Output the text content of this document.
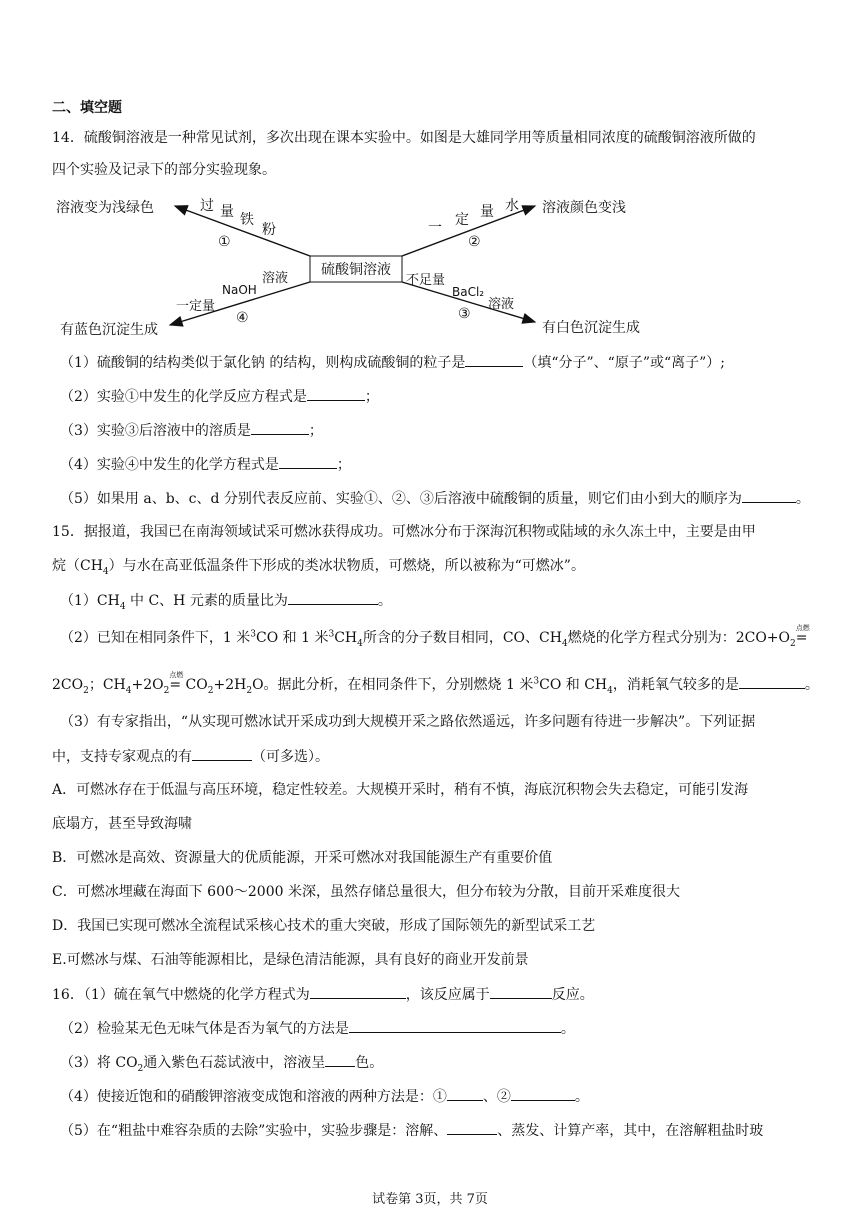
二、填空题
14．硫酸铜溶液是一种常见试剂，多次出现在课本实验中。如图是大雄同学用等质量相同浓度的硫酸铜溶液所做的
四个实验及记录下的部分实验现象。
硫酸铜溶液
溶液变为浅绿色	过 量 铁
粉
①
溶液颜色变浅
一 定 量 水
②
有白色沉淀生成
不足量
BaCl₂
溶液
③
有蓝色沉淀生成
一定量
NaOH
溶液
④
（1）硫酸铜的结构类似于氯化钠 的结构，则构成硫酸铜的粒子是	（填“分子”、“原子”或“离子”）;
（2）实验①中发生的化学反应方程式是	；
（3）实验③后溶液中的溶质是	；
（4）实验④中发生的化学方程式是	；
（5）如果用 a、b、c、d 分别代表反应前、实验①、②、③后溶液中硫酸铜的质量，则它们由小到大的顺序为	。
15．据报道，我国已在南海领域试采可燃冰获得成功。可燃冰分布于深海沉积物或陆域的永久冻土中，主要是由甲
烷$(CH_4)$与水在高亚低温条件下形成的类冰状物质，可燃烧，所以被称为“可燃冰”。
$(1)CH_4$ 中 C、H 元素的质量比为	。
（2）已知在相同条件下，1 米$^3$CO 和 1 米$^3CH_4$所含的分子数目相同，CO、$CH_4$燃烧的化学方程式分别为：$2CO+O_2$
点燃
=
$2CO_2$；$CH_4+2O_2$
点燃
= $CO_2+2H_2O$。据此分析，在相同条件下，分别燃烧 1 米$^3$CO 和 $CH_4$，消耗氧气较多的是	。
（3）有专家指出，“从实现可燃冰试开采成功到大规模开采之路依然遥远，许多问题有待进一步解决”。下列证据
中，支持专家观点的有	（可多选）。
A．可燃冰存在于低温与高压环境，稳定性较差。大规模开采时，稍有不慎，海底沉积物会失去稳定，可能引发海
底塌方，甚至导致海啸
B．可燃冰是高效、资源量大的优质能源，开采可燃冰对我国能源生产有重要价值
C．可燃冰埋藏在海面下 600～2000 米深，虽然存储总量很大，但分布较为分散，目前开采难度很大
D．我国已实现可燃冰全流程试采核心技术的重大突破，形成了国际领先的新型试采工艺
E.可燃冰与煤、石油等能源相比，是绿色清洁能源，具有良好的商业开发前景
16．（1）硫在氧气中燃烧的化学方程式为	，该反应属于	反应。
（2）检验某无色无味气体是否为氧气的方法是	。
（3）将 $CO_2$通入紫色石蕊试液中，溶液呈 色。
（4）使接近饱和的硝酸钾溶液变成饱和溶液的两种方法是：①	、②	。
（5）在“粗盐中难容杂质的去除”实验中，实验步骤是：溶解、	、蒸发、计算产率，其中，在溶解粗盐时玻
试卷第 3页，共 7页
